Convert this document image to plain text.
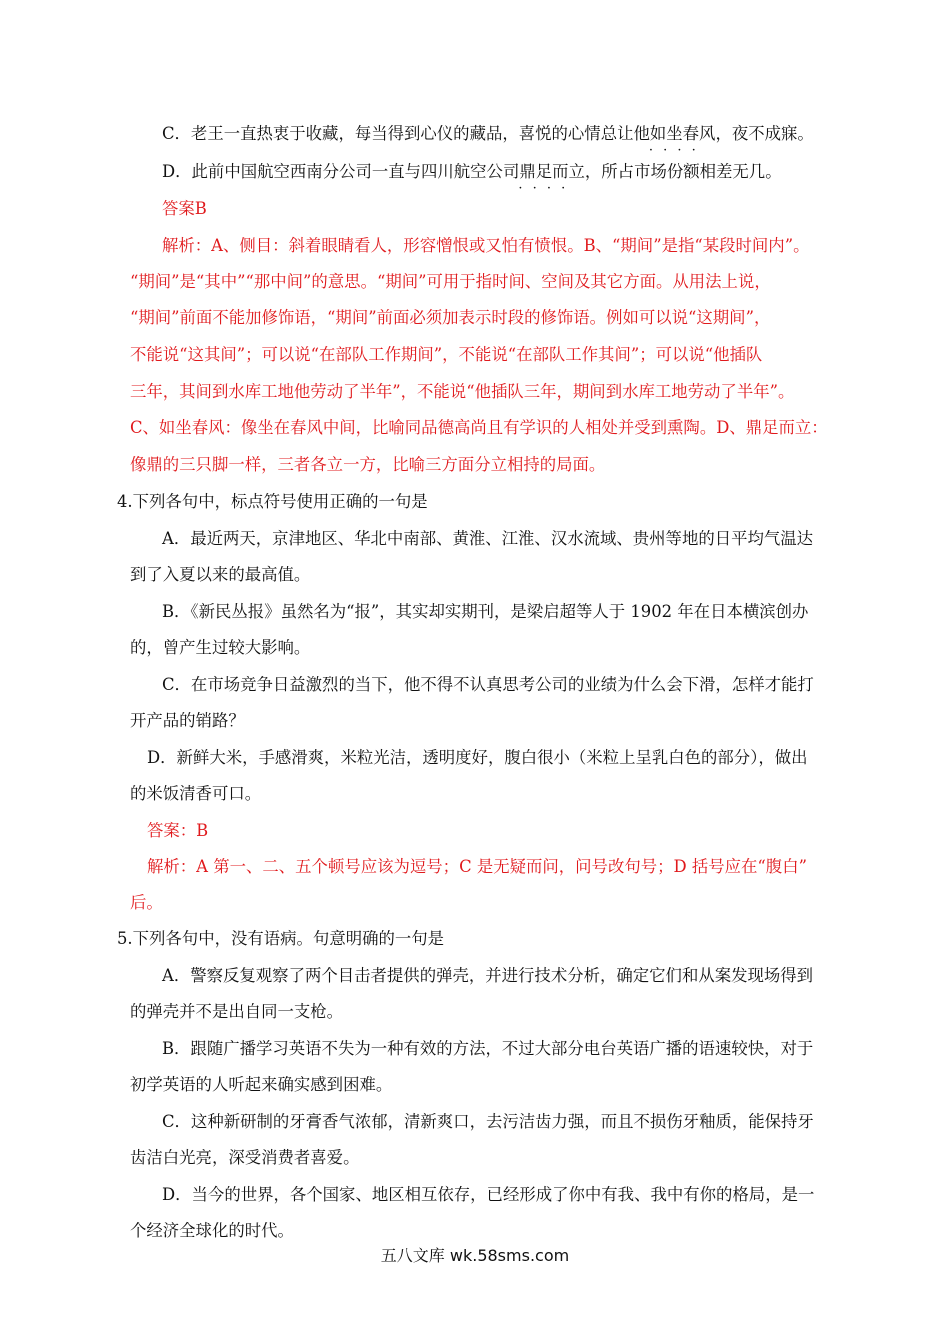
C．老王一直热衷于收藏，每当得到心仪的藏品，喜悦的心情总让他如坐春风 · · · ·，夜不成寐。
D．此前中国航空西南分公司一直与四川航空公司鼎足而立 · · · ·，所占市场份额相差无几。
答案B
解析：A、侧目：斜着眼睛看人，形容憎恨或又怕有愤恨。B、“期间”是指“某段时间内”。
“期间”是“其中”“那中间”的意思。“期间”可用于指时间、空间及其它方面。从用法上说，
“期间”前面不能加修饰语，“期间”前面必须加表示时段的修饰语。例如可以说“这期间”，
不能说“这其间”；可以说“在部队工作期间”，不能说“在部队工作其间”；可以说“他插队
三年，其间到水库工地他劳动了半年”，不能说“他插队三年，期间到水库工地劳动了半年”。
C、如坐春风：像坐在春风中间，比喻同品德高尚且有学识的人相处并受到熏陶。D、鼎足而立：
像鼎的三只脚一样，三者各立一方，比喻三方面分立相持的局面。
4.下列各句中，标点符号使用正确的一句是
A．最近两天，京津地区、华北中南部、黄淮、江淮、汉水流域、贵州等地的日平均气温达
到了入夏以来的最高值。
B．《新民丛报》虽然名为“报”，其实却实期刊，是梁启超等人于 1902 年在日本横滨创办
的，曾产生过较大影响。
C．在市场竞争日益激烈的当下，他不得不认真思考公司的业绩为什么会下滑，怎样才能打
开产品的销路？
D．新鲜大米，手感滑爽，米粒光洁，透明度好，腹白很小（米粒上呈乳白色的部分），做出
的米饭清香可口。
答案：B
解析：A 第一、二、五个顿号应该为逗号；C 是无疑而问，问号改句号；D 括号应在“腹白”
后。
5.下列各句中，没有语病。句意明确的一句是
A．警察反复观察了两个目击者提供的弹壳，并进行技术分析，确定它们和从案发现场得到
的弹壳并不是出自同一支枪。
B．跟随广播学习英语不失为一种有效的方法，不过大部分电台英语广播的语速较快，对于
初学英语的人听起来确实感到困难。
C．这种新研制的牙膏香气浓郁，清新爽口，去污洁齿力强，而且不损伤牙釉质，能保持牙
齿洁白光亮，深受消费者喜爱。
D．当今的世界，各个国家、地区相互依存，已经形成了你中有我、我中有你的格局，是一
个经济全球化的时代。
五八文库 wk.58sms.com
